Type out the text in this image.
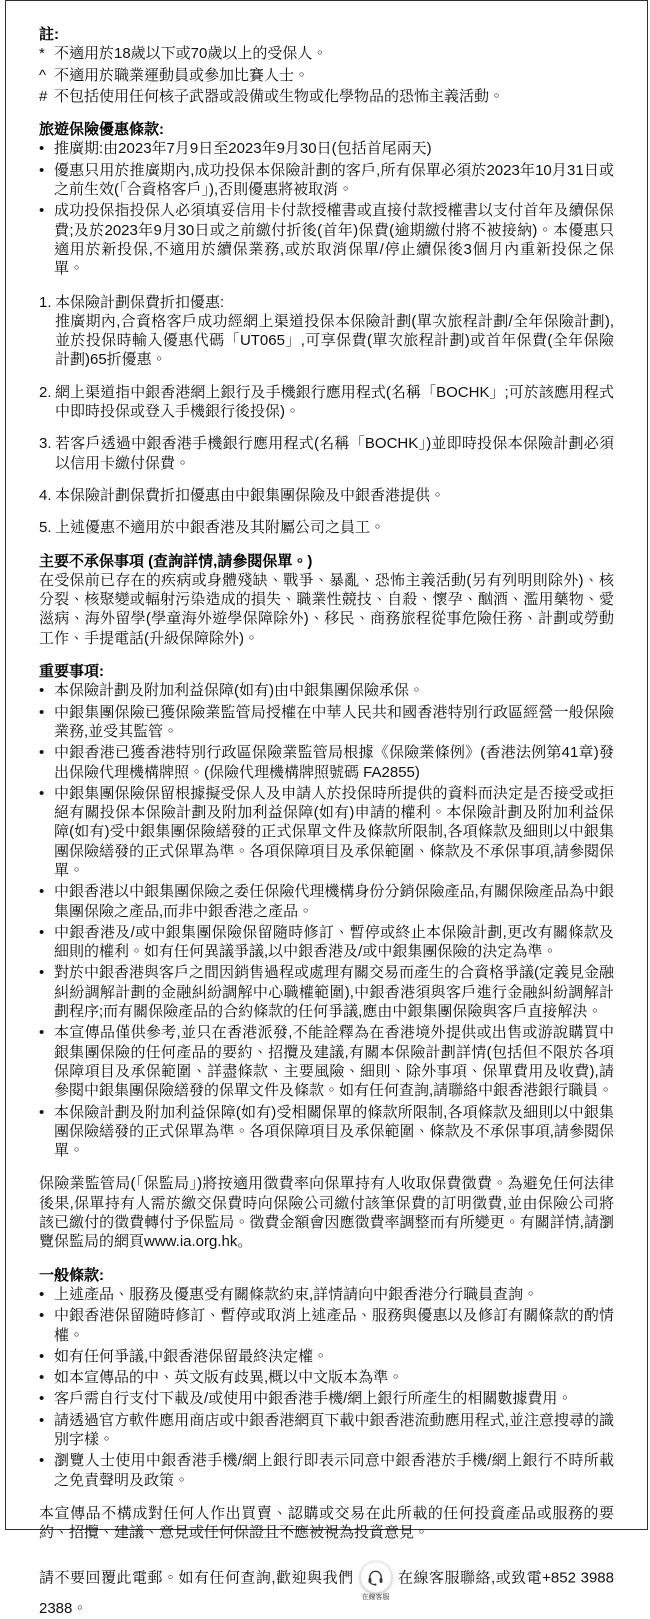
註:
* 不適用於18歲以下或70歲以上的受保人。
^ 不適用於職業運動員或參加比賽人士。
# 不包括使用任何核子武器或設備或生物或化學物品的恐怖主義活動。
旅遊保險優惠條款:
• 推廣期:由2023年7月9日至2023年9月30日(包括首尾兩天)
• 優惠只用於推廣期內,成功投保本保險計劃的客戶,所有保單必須於2023年10月31日或之前生效(「合資格客戶」),否則優惠將被取消。
• 成功投保指投保人必須填妥信用卡付款授權書或直接付款授權書以支付首年及續保保費;及於2023年9月30日或之前繳付折後(首年)保費(逾期繳付將不被接納)。本優惠只適用於新投保,不適用於續保業務,或於取消保單/停止續保後3個月內重新投保之保單。
1. 本保險計劃保費折扣優惠:
推廣期內,合資格客戶成功經網上渠道投保本保險計劃(單次旅程計劃/全年保險計劃),並於投保時輸入優惠代碼「UT065」,可享保費(單次旅程計劃)或首年保費(全年保險計劃)65折優惠。
2. 網上渠道指中銀香港網上銀行及手機銀行應用程式(名稱「BOCHK」;可於該應用程式中即時投保或登入手機銀行後投保)。
3. 若客戶透過中銀香港手機銀行應用程式(名稱「BOCHK」)並即時投保本保險計劃必須以信用卡繳付保費。
4. 本保險計劃保費折扣優惠由中銀集團保險及中銀香港提供。
5. 上述優惠不適用於中銀香港及其附屬公司之員工。
主要不承保事項 (查詢詳情,請參閱保單。)

在受保前已存在的疾病或身體殘缺、戰爭、暴亂、恐怖主義活動(另有列明則除外)、核分裂、核聚變或輻射污染造成的損失、職業性競技、自殺、懷孕、酗酒、濫用藥物、愛滋病、海外留學(學童海外遊學保障除外)、移民、商務旅程從事危險任務、計劃或勞動工作、手提電話(升級保障除外)。

重要事項:
• 本保險計劃及附加利益保障(如有)由中銀集團保險承保。
• 中銀集團保險已獲保險業監管局授權在中華人民共和國香港特別行政區經營一般保險業務,並受其監管。
• 中銀香港已獲香港特別行政區保險業監管局根據《保險業條例》(香港法例第41章)發出保險代理機構牌照。(保險代理機構牌照號碼 FA2855)
• 中銀集團保險保留根據擬受保人及申請人於投保時所提供的資料而決定是否接受或拒絕有關投保本保險計劃及附加利益保障(如有)申請的權利。本保險計劃及附加利益保障(如有)受中銀集團保險繕發的正式保單文件及條款所限制,各項條款及細則以中銀集團保險繕發的正式保單為準。各項保障項目及承保範圍、條款及不承保事項,請參閱保單。
• 中銀香港以中銀集團保險之委任保險代理機構身份分銷保險產品,有關保險產品為中銀集團保險之產品,而非中銀香港之產品。
• 中銀香港及/或中銀集團保險保留隨時修訂、暫停或終止本保險計劃,更改有關條款及細則的權利。如有任何異議爭議,以中銀香港及/或中銀集團保險的決定為準。
• 對於中銀香港與客戶之間因銷售過程或處理有關交易而產生的合資格爭議(定義見金融糾紛調解計劃的金融糾紛調解中心職權範圍),中銀香港須與客戶進行金融糾紛調解計劃程序;而有關保險產品的合約條款的任何爭議,應由中銀集團保險與客戶直接解決。
• 本宣傳品僅供參考,並只在香港派發,不能詮釋為在香港境外提供或出售或游說購買中銀集團保險的任何產品的要約、招攬及建議,有關本保險計劃詳情(包括但不限於各項保障項目及承保範圍、詳盡條款、主要風險、細則、除外事項、保單費用及收費),請參閱中銀集團保險繕發的保單文件及條款。如有任何查詢,請聯絡中銀香港銀行職員。
• 本保險計劃及附加利益保障(如有)受相關保單的條款所限制,各項條款及細則以中銀集團保險繕發的正式保單為準。各項保障項目及承保範圍、條款及不承保事項,請參閱保單。

保險業監管局(「保監局」)將按適用徵費率向保單持有人收取保費徵費。為避免任何法律後果,保單持有人需於繳交保費時向保險公司繳付該筆保費的訂明徵費,並由保險公司將該已繳付的徵費轉付予保監局。徵費金額會因應徵費率調整而有所變更。有關詳情,請瀏覽保監局的網頁www.ia.org.hk。

一般條款:
• 上述產品、服務及優惠受有關條款約束,詳情請向中銀香港分行職員查詢。
• 中銀香港保留隨時修訂、暫停或取消上述產品、服務與優惠以及修訂有關條款的酌情權。
• 如有任何爭議,中銀香港保留最終決定權。
• 如本宣傳品的中、英文版有歧異,概以中文版本為準。
• 客戶需自行支付下載及/或使用中銀香港手機/網上銀行所產生的相關數據費用。
• 請透過官方軟件應用商店或中銀香港網頁下載中銀香港流動應用程式,並注意搜尋的識別字樣。
• 瀏覽人士使用中銀香港手機/網上銀行即表示同意中銀香港於手機/網上銀行不時所載之免責聲明及政策。

本宣傳品不構成對任何人作出買賣、認購或交易在此所載的任何投資產品或服務的要約、招攬、建議、意見或任何保證且不應被視為投資意見。

請不要回覆此電郵。如有任何查詢,歡迎與我們
在線客服
在線客服聯絡,或致電+852 3988 2388。
